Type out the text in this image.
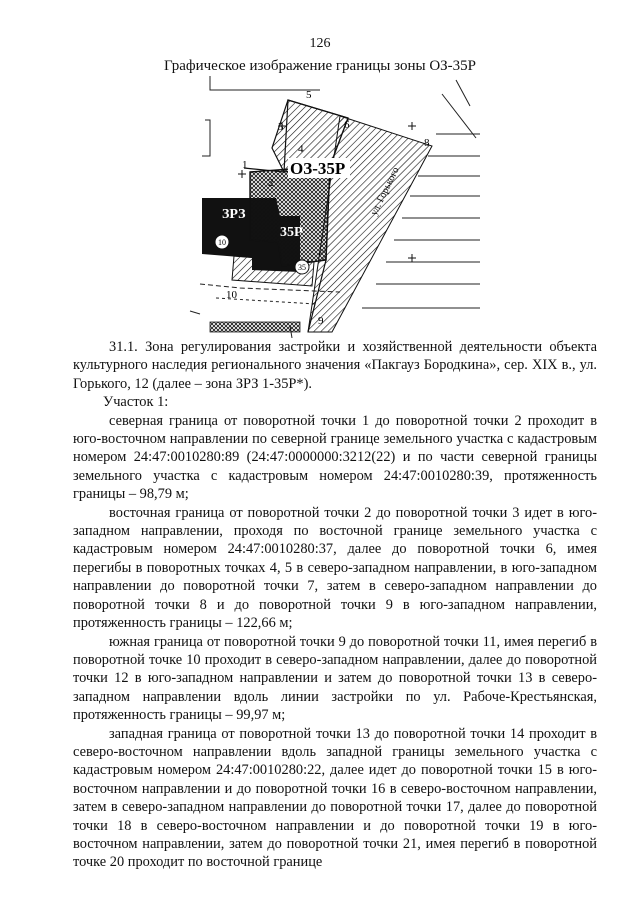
126
Графическое изображение границы зоны ОЗ-35Р
ОЗ-35Р
ЗРЗ
35Р
ул. Горького
1
2
3
4
5
6
8
9
10
10
35

31.1. Зона регулирования застройки и хозяйственной деятельности объекта культурного наследия регионального значения «Пакгауз Бородкина», сер. XIX в., ул. Горького, 12 (далее – зона ЗРЗ 1-35Р*).

Участок 1:

северная граница от поворотной точки 1 до поворотной точки 2 проходит в юго-восточном направлении по северной границе земельного участка с кадастровым номером 24:47:0010280:89 (24:47:0000000:3212(22) и по части северной границы земельного участка с кадастровым номером 24:47:0010280:39, протяженность границы – 98,79 м;

восточная граница от поворотной точки 2 до поворотной точки 3 идет в юго-западном направлении, проходя по восточной границе земельного участка с кадастровым номером 24:47:0010280:37, далее до поворотной точки 6, имея перегибы в поворотных точках 4, 5 в северо-западном направлении, в юго-западном направлении до поворотной точки 7, затем в северо-западном направлении до поворотной точки 8 и до поворотной точки 9 в юго-западном направлении, протяженность границы – 122,66 м;

южная граница от поворотной точки 9 до поворотной точки 11, имея перегиб в поворотной точке 10 проходит в северо-западном направлении, далее до поворотной точки 12 в юго-западном направлении и затем до поворотной точки 13 в северо-западном направлении вдоль линии застройки по ул. Рабоче-Крестьянская, протяженность границы – 99,97 м;

западная граница от поворотной точки 13 до поворотной точки 14 проходит в северо-восточном направлении вдоль западной границы земельного участка с кадастровым номером 24:47:0010280:22, далее идет до поворотной точки 15 в юго-восточном направлении и до поворотной точки 16 в северо-восточном направлении, затем в северо-западном направлении до поворотной точки 17, далее до поворотной точки 18 в северо-восточном направлении и до поворотной точки 19 в юго-восточном направлении, затем до поворотной точки 21, имея перегиб в поворотной точке 20 проходит по восточной границе
